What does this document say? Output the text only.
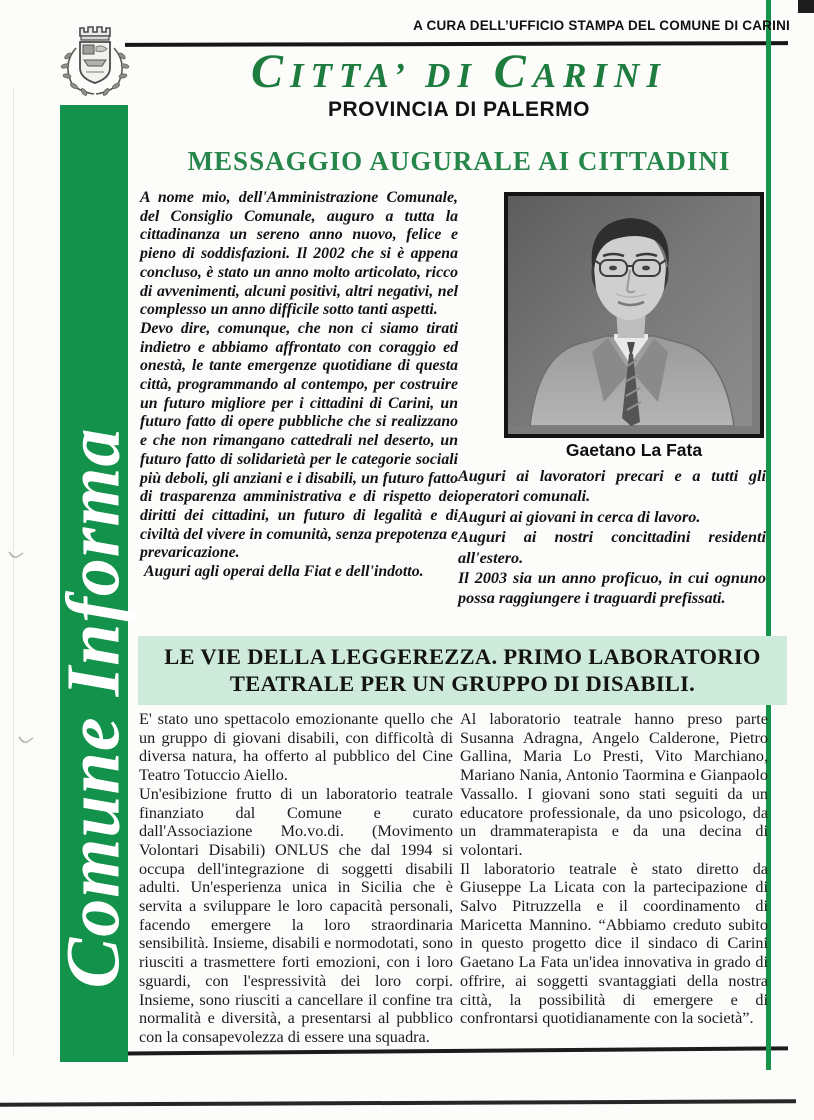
A CURA DELL’UFFICIO STAMPA DEL COMUNE DI CARINI
Comune Informa
CITTA’ DI CARINI
PROVINCIA DI PALERMO
MESSAGGIO AUGURALE AI CITTADINI

A nome mio, dell'Amministrazione Comunale, del Consiglio Comunale, auguro a tutta la cittadinanza un sereno anno nuovo, felice e pieno di soddisfazioni. Il 2002 che si è appena concluso, è stato un anno molto articolato, ricco di avvenimenti, alcuni positivi, altri negativi, nel complesso un anno difficile sotto tanti aspetti.

Devo dire, comunque, che non ci siamo tirati indietro e abbiamo affrontato con coraggio ed onestà, le tante emergenze quotidiane di questa città, programmando al contempo, per costruire un futuro migliore per i cittadini di Carini, un futuro fatto di opere pubbliche che si realizzano e che non rimangano cattedrali nel deserto, un futuro fatto di solidarietà per le categorie sociali più deboli, gli anziani e i disabili, un futuro fatto di trasparenza amministrativa e di rispetto dei diritti dei cittadini, un futuro di legalità e di civiltà del vivere in comunità, senza prepotenza e prevaricazione.

Auguri agli operai della Fiat e dell'indotto.

Gaetano La Fata

Auguri ai lavoratori precari e a tutti gli operatori comunali.

Auguri ai giovani in cerca di lavoro.

Auguri ai nostri concittadini residenti all'estero.

Il 2003 sia un anno proficuo, in cui ognuno possa raggiungere i traguardi prefissati.

LE VIE DELLA LEGGEREZZA. PRIMO LABORATORIO TEATRALE PER UN GRUPPO DI DISABILI.

E' stato uno spettacolo emozionante quello che un gruppo di giovani disabili, con difficoltà di diversa natura, ha offerto al pubblico del Cine Teatro Totuccio Aiello.

Un'esibizione frutto di un laboratorio teatrale finanziato dal Comune e curato dall'Associazione Mo.vo.di. (Movimento Volontari Disabili) ONLUS che dal 1994 si occupa dell'integrazione di soggetti disabili adulti. Un'esperienza unica in Sicilia che è servita a sviluppare le loro capacità personali, facendo emergere la loro straordinaria sensibilità. Insieme, disabili e normodotati, sono riusciti a trasmettere forti emozioni, con i loro sguardi, con l'espressività dei loro corpi. Insieme, sono riusciti a cancellare il confine tra normalità e diversità, a presentarsi al pubblico con la consapevolezza di essere una squadra.

Al laboratorio teatrale hanno preso parte Susanna Adragna, Angelo Calderone, Pietro Gallina, Maria Lo Presti, Vito Marchiano, Mariano Nania, Antonio Taormina e Gianpaolo Vassallo. I giovani sono stati seguiti da un educatore professionale, da uno psicologo, da un drammaterapista e da una decina di volontari.

Il laboratorio teatrale è stato diretto da Giuseppe La Licata con la partecipazione di Salvo Pitruzzella e il coordinamento di Maricetta Mannino. “Abbiamo creduto subito in questo progetto dice il sindaco di Carini Gaetano La Fata un'idea innovativa in grado di offrire, ai soggetti svantaggiati della nostra città, la possibilità di emergere e di confrontarsi quotidianamente con la società”.
